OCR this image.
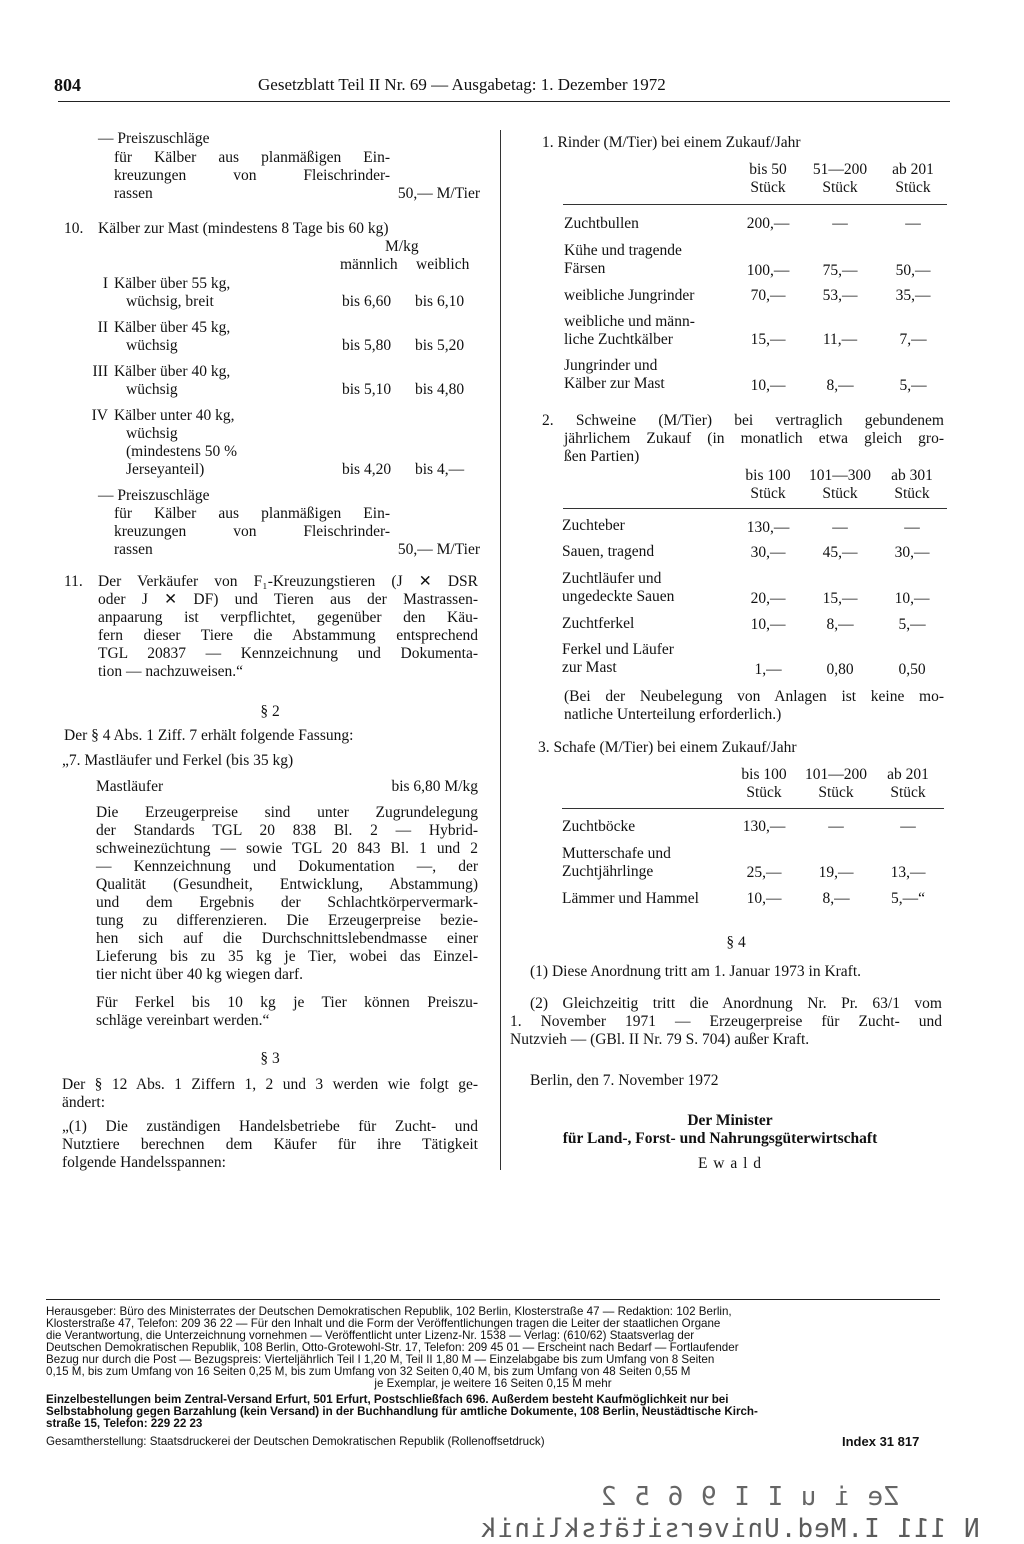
804	Gesetzblatt Teil II Nr. 69 — Ausgabetag: 1. Dezember 1972
— Preiszuschläge
für Kälber aus planmäßigen Ein-
kreuzungen von Fleischrinder-
rassen	50,— M/Tier
10. Kälber zur Mast (mindestens 8 Tage bis 60 kg)
M/kg
männlich weiblich
I Kälber über 55 kg,
wüchsig, breit	bis 6,60 bis 6,10
II Kälber über 45 kg,
wüchsig	bis 5,80 bis 5,20
III Kälber über 40 kg,
wüchsig	bis 5,10 bis 4,80
IV Kälber unter 40 kg,
wüchsig
(mindestens 50 %
Jerseyanteil)	bis 4,20 bis 4,—
— Preiszuschläge
für Kälber aus planmäßigen Ein-
kreuzungen von Fleischrinder-
rassen	50,— M/Tier
11. Der Verkäufer von F₁-Kreuzungstieren (J ✕ DSR
oder J ✕ DF) und Tieren aus der Mastrassen-
anpaarung ist verpflichtet, gegenüber den Käu-
fern dieser Tiere die Abstammung entsprechend
TGL 20837 — Kennzeichnung und Dokumenta-
tion — nachzuweisen.“
§ 2
Der § 4 Abs. 1 Ziff. 7 erhält folgende Fassung:
„7. Mastläufer und Ferkel (bis 35 kg)
Mastläufer	bis 6,80 M/kg
Die Erzeugerpreise sind unter Zugrundelegung
der Standards TGL 20 838 Bl. 2 — Hybrid-
schweinezüchtung — sowie TGL 20 843 Bl. 1 und 2
— Kennzeichnung und Dokumentation —, der
Qualität (Gesundheit, Entwicklung, Abstammung)
und dem Ergebnis der Schlachtkörpervermark-
tung zu differenzieren. Die Erzeugerpreise bezie-
hen sich auf die Durchschnittslebendmasse einer
Lieferung bis zu 35 kg je Tier, wobei das Einzel-
tier nicht über 40 kg wiegen darf.
Für Ferkel bis 10 kg je Tier können Preiszu-
schläge vereinbart werden.“
§ 3
Der § 12 Abs. 1 Ziffern 1, 2 und 3 werden wie folgt ge-
ändert:
„(1) Die zuständigen Handelsbetriebe für Zucht- und
Nutztiere berechnen dem Käufer für ihre Tätigkeit
folgende Handelsspannen:
1. Rinder (M/Tier) bei einem Zukauf/Jahr
bis 50
Stück
51—200
Stück
ab 201
Stück
Zuchtbullen	200,—	—	—
Kühe und tragende
Färsen	100,—	75,—	50,—
weibliche Jungrinder	70,—	53,—	35,—
weibliche und männ-
liche Zuchtkälber	15,—	11,—	7,—
Jungrinder und
Kälber zur Mast	10,—	8,—	5,—
2. Schweine (M/Tier) bei vertraglich gebundenem
jährlichem Zukauf (in monatlich etwa gleich gro-
ßen Partien)
bis 100
Stück
101—300
Stück
ab 301
Stück
Zuchteber	130,—	—	—
Sauen, tragend	30,—	45,—	30,—
Zuchtläufer und
ungedeckte Sauen	20,—	15,—	10,—
Zuchtferkel	10,—	8,—	5,—
Ferkel und Läufer
zur Mast	1,—	0,80	0,50
(Bei der Neubelegung von Anlagen ist keine mo-
natliche Unterteilung erforderlich.)
3. Schafe (M/Tier) bei einem Zukauf/Jahr
bis 100
Stück
101—200
Stück
ab 201
Stück
Zuchtböcke	130,—	—	—
Mutterschafe und
Zuchtjährlinge	25,—	19,—	13,—
Lämmer und Hammel	10,—	8,—	5,—“
§ 4
(1) Diese Anordnung tritt am 1. Januar 1973 in Kraft.
(2) Gleichzeitig tritt die Anordnung Nr. Pr. 63/1 vom
1. November 1971 — Erzeugerpreise für Zucht- und
Nutzvieh — (GBl. II Nr. 79 S. 704) außer Kraft.
Berlin, den 7. November 1972
Der Minister
für Land-, Forst- und Nahrungsgüterwirtschaft
E w a l d
Herausgeber: Büro des Ministerrates der Deutschen Demokratischen Republik, 102 Berlin, Klosterstraße 47 — Redaktion: 102 Berlin,
Klosterstraße 47, Telefon: 209 36 22 — Für den Inhalt und die Form der Veröffentlichungen tragen die Leiter der staatlichen Organe
die Verantwortung, die Unterzeichnung vornehmen — Veröffentlicht unter Lizenz-Nr. 1538 — Verlag: (610/62) Staatsverlag der
Deutschen Demokratischen Republik, 108 Berlin, Otto-Grotewohl-Str. 17, Telefon: 209 45 01 — Erscheint nach Bedarf — Fortlaufender
Bezug nur durch die Post — Bezugspreis: Vierteljährlich Teil I 1,20 M, Teil II 1,80 M — Einzelabgabe bis zum Umfang von 8 Seiten
0,15 M, bis zum Umfang von 16 Seiten 0,25 M, bis zum Umfang von 32 Seiten 0,40 M, bis zum Umfang von 48 Seiten 0,55 M
je Exemplar, je weitere 16 Seiten 0,15 M mehr
Einzelbestellungen beim Zentral-Versand Erfurt, 501 Erfurt, Postschließfach 696. Außerdem besteht Kaufmöglichkeit nur bei
Selbstabholung gegen Barzahlung (kein Versand) in der Buchhandlung für amtliche Dokumente, 108 Berlin, Neustädtische Kirch-
straße 15, Telefon: 229 22 23
Gesamtherstellung: Staatsdruckerei der Deutschen Demokratischen Republik (Rollenoffsetdruck)	Index 31 817
Ze i u I I 9 6 5 2
N 111 I.Med.Universitätsklinik
